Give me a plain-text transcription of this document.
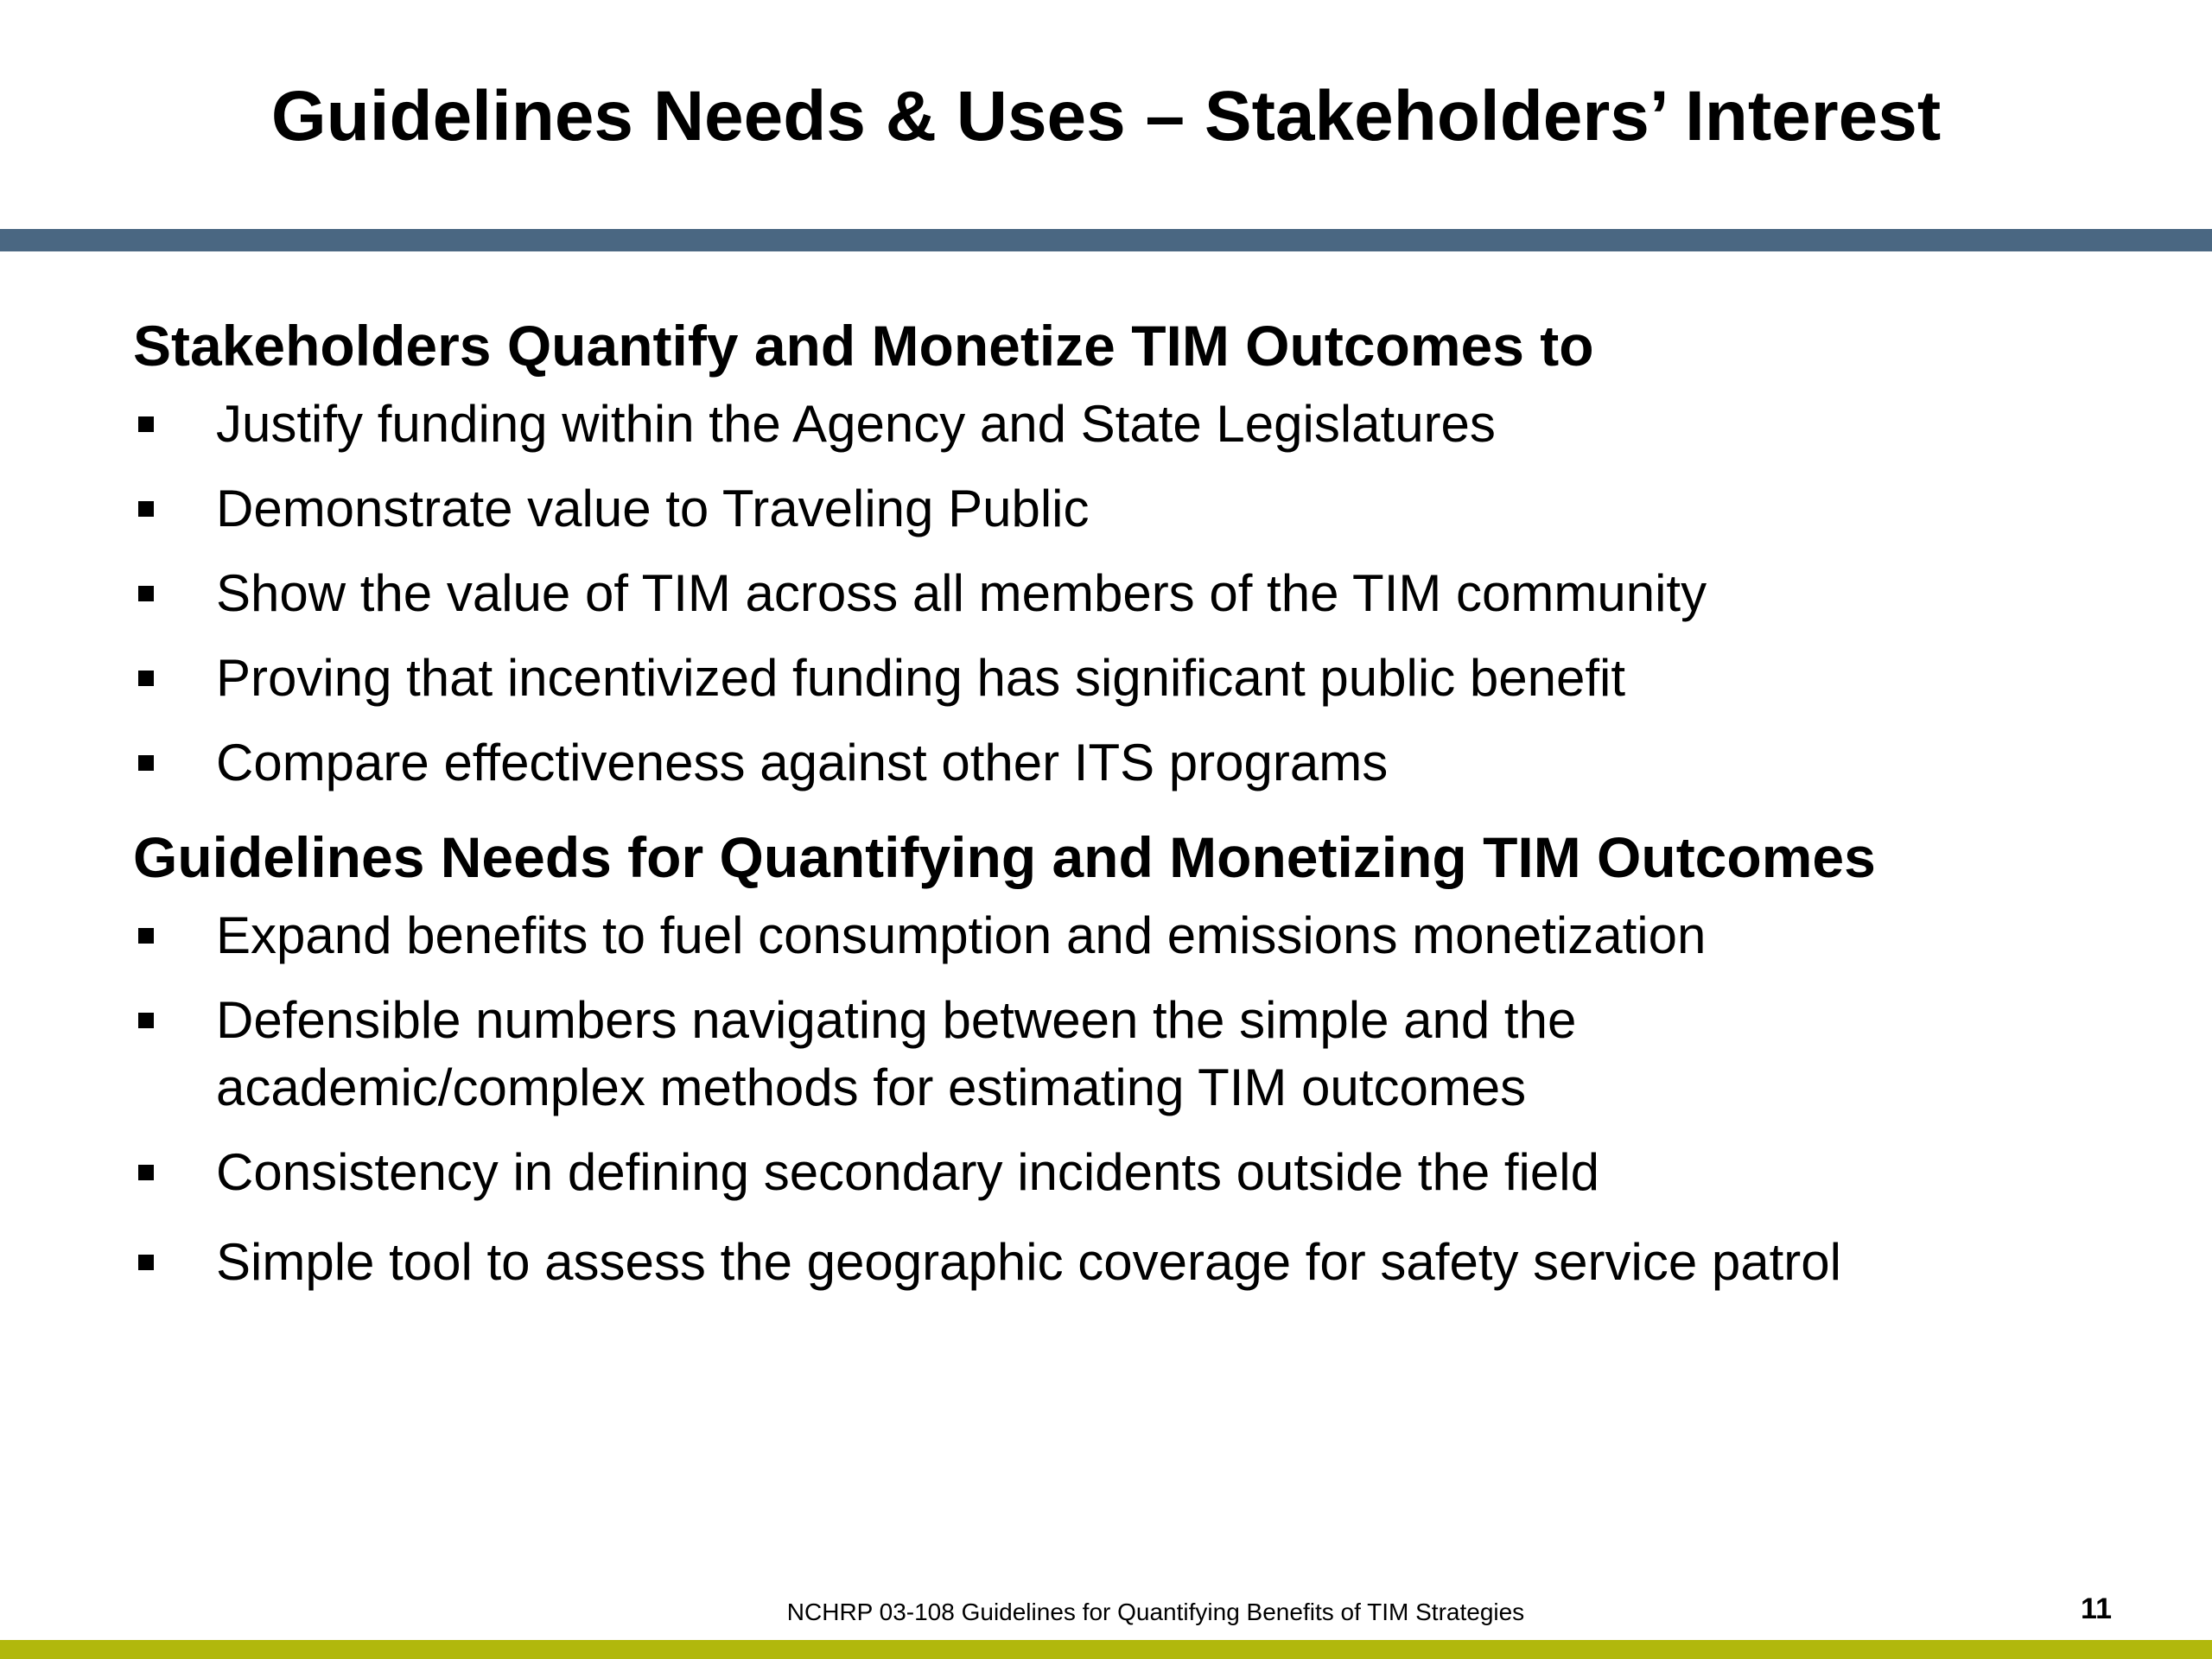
Guidelines Needs & Uses – Stakeholders’ Interest
Stakeholders Quantify and Monetize TIM Outcomes to
Justify funding within the Agency and State Legislatures
Demonstrate value to Traveling Public
Show the value of TIM across all members of the TIM community
Proving that incentivized funding has significant public benefit
Compare effectiveness against other ITS programs
Guidelines Needs for Quantifying and Monetizing TIM Outcomes
Expand benefits to fuel consumption and emissions monetization
Defensible numbers navigating between the simple and the academic/complex methods for estimating TIM outcomes
Consistency in defining secondary incidents outside the field
Simple tool to assess the geographic coverage for safety service patrol
NCHRP 03-108 Guidelines for Quantifying Benefits of TIM Strategies	11
